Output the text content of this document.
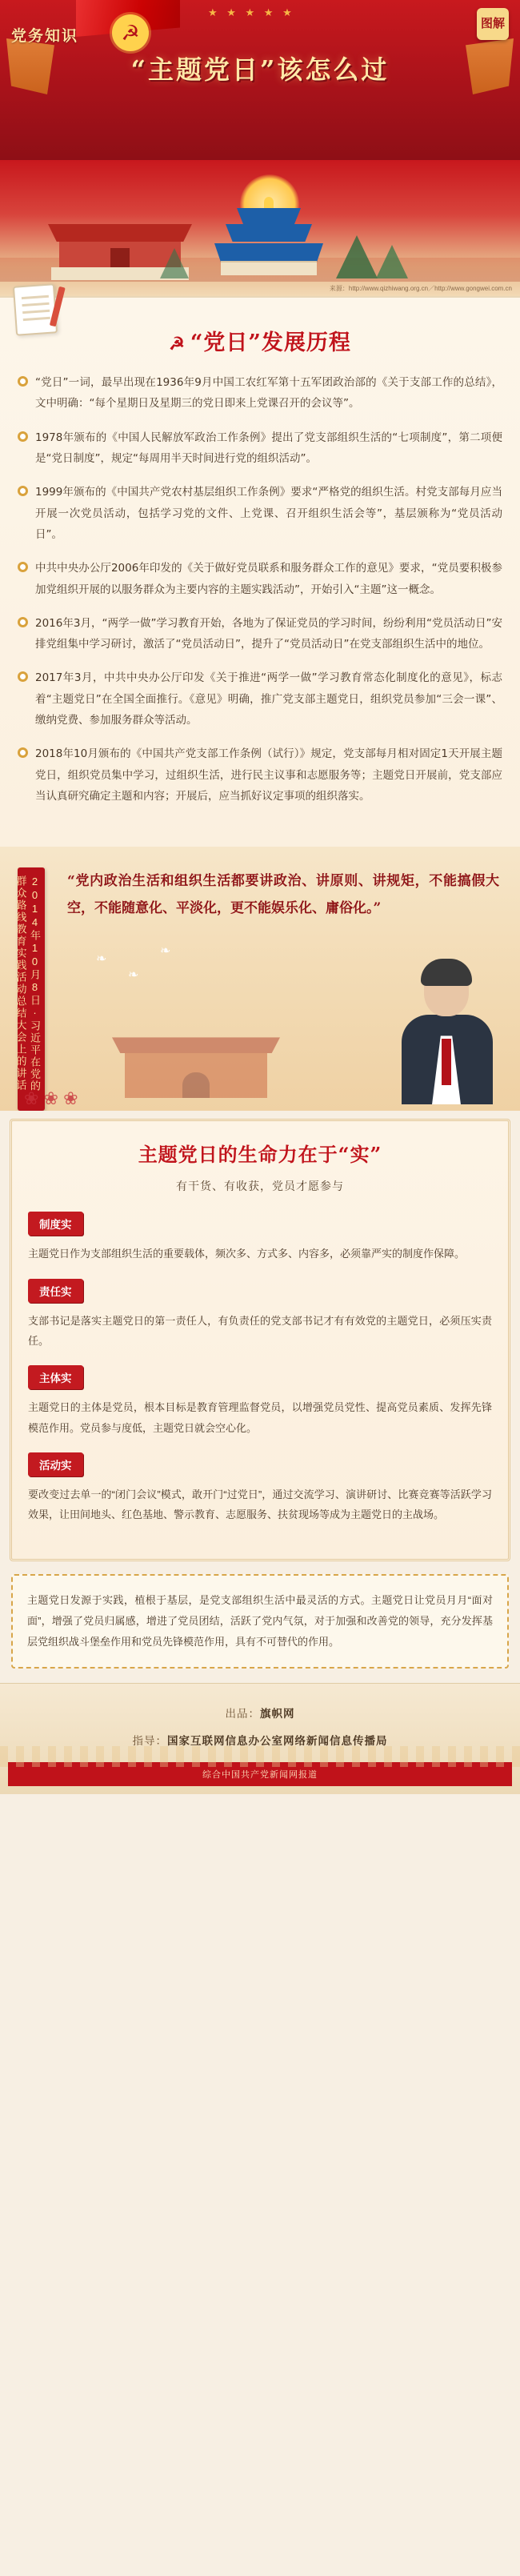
☭
★ ★ ★ ★ ★
党务知识
图解
“主题党日”该怎么过
来源：http://www.qizhiwang.org.cn／http://www.gongwei.com.cn
☭ “党日”发展历程
“党日”一词，最早出现在1936年9月中国工农红军第十五军团政治部的《关于支部工作的总结》，文中明确：“每个星期日及星期三的党日即来上党课召开的会议等”。
1978年颁布的《中国人民解放军政治工作条例》提出了党支部组织生活的“七项制度”，第二项便是“党日制度”，规定“每周用半天时间进行党的组织活动”。
1999年颁布的《中国共产党农村基层组织工作条例》要求“严格党的组织生活。村党支部每月应当开展一次党员活动，包括学习党的文件、上党课、召开组织生活会等”，基层颁称为“党员活动日”。
中共中央办公厅2006年印发的《关于做好党员联系和服务群众工作的意见》要求，“党员要积极参加党组织开展的以服务群众为主要内容的主题实践活动”，开始引入“主题”这一概念。
2016年3月，“两学一做”学习教育开始，各地为了保证党员的学习时间，纷纷利用“党员活动日”安排党组集中学习研讨，激活了“党员活动日”，提升了“党员活动日”在党支部组织生活中的地位。
2017年3月，中共中央办公厅印发《关于推进“两学一做”学习教育常态化制度化的意见》，标志着“主题党日”在全国全面推行。《意见》明确，推广党支部主题党日，组织党员参加“三会一课”、缴纳党费、参加服务群众等活动。
2018年10月颁布的《中国共产党支部工作条例（试行）》规定，党支部每月相对固定1天开展主题党日，组织党员集中学习，过组织生活，进行民主议事和志愿服务等；主题党日开展前，党支部应当认真研究确定主题和内容；开展后，应当抓好议定事项的组织落实。
2014年10月8日·习近平在党的群众路线教育实践活动总结大会上的讲话	“党内政治生活和组织生活都要讲政治、讲原则、讲规矩，不能搞假大空，不能随意化、平淡化，更不能娱乐化、庸俗化。”
❧
❧
❧
❀ ❀ ❀
主题党日的生命力在于“实”
有干货、有收获，党员才愿参与
制度实
主题党日作为支部组织生活的重要载体，频次多、方式多、内容多，必须靠严实的制度作保障。
责任实
支部书记是落实主题党日的第一责任人，有负责任的党支部书记才有有效党的主题党日，必须压实责任。
主体实
主题党日的主体是党员，根本目标是教育管理监督党员，以增强党员党性、提高党员素质、发挥先锋模范作用。党员参与度低，主题党日就会空心化。
活动实
要改变过去单一的“闭门会议”模式，敢开门“过党日”，通过交流学习、演讲研讨、比赛竞赛等活跃学习效果，让田间地头、红色基地、警示教育、志愿服务、扶贫现场等成为主题党日的主战场。
主题党日发源于实践，植根于基层，是党支部组织生活中最灵活的方式。主题党日让党员月月“面对面”，增强了党员归属感，增进了党员团结，活跃了党内气氛，对于加强和改善党的领导，充分发挥基层党组织战斗堡垒作用和党员先锋模范作用，具有不可替代的作用。
出品：旗帜网
指导：国家互联网信息办公室网络新闻信息传播局
综合中国共产党新闻网报道
